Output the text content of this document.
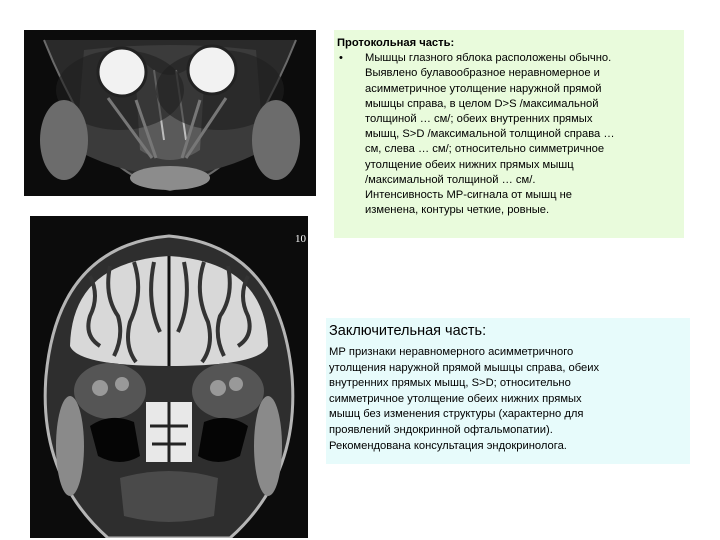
10
Протокольная часть:
•	Мышцы глазного яблока расположены обычно.
Выявлено булавообразное неравномерное и
асимметричное утолщение наружной прямой
мышцы справа, в целом D>S /максимальной
толщиной … см/; обеих внутренних прямых
мышц, S>D /максимальной толщиной справа …
см, слева … см/; относительно симметричное
утолщение обеих нижних прямых мышц
/максимальной толщиной … см/.
Интенсивность МР-сигнала от мышц не
изменена, контуры четкие, ровные.
Заключительная часть:
МР признаки неравномерного асимметричного
утолщения наружной прямой мышцы справа, обеих
внутренних прямых мышц, S>D; относительно
симметричное утолщение обеих нижних прямых
мышц без изменения структуры (характерно для
проявлений эндокринной офтальмопатии).
Рекомендована консультация эндокринолога.
